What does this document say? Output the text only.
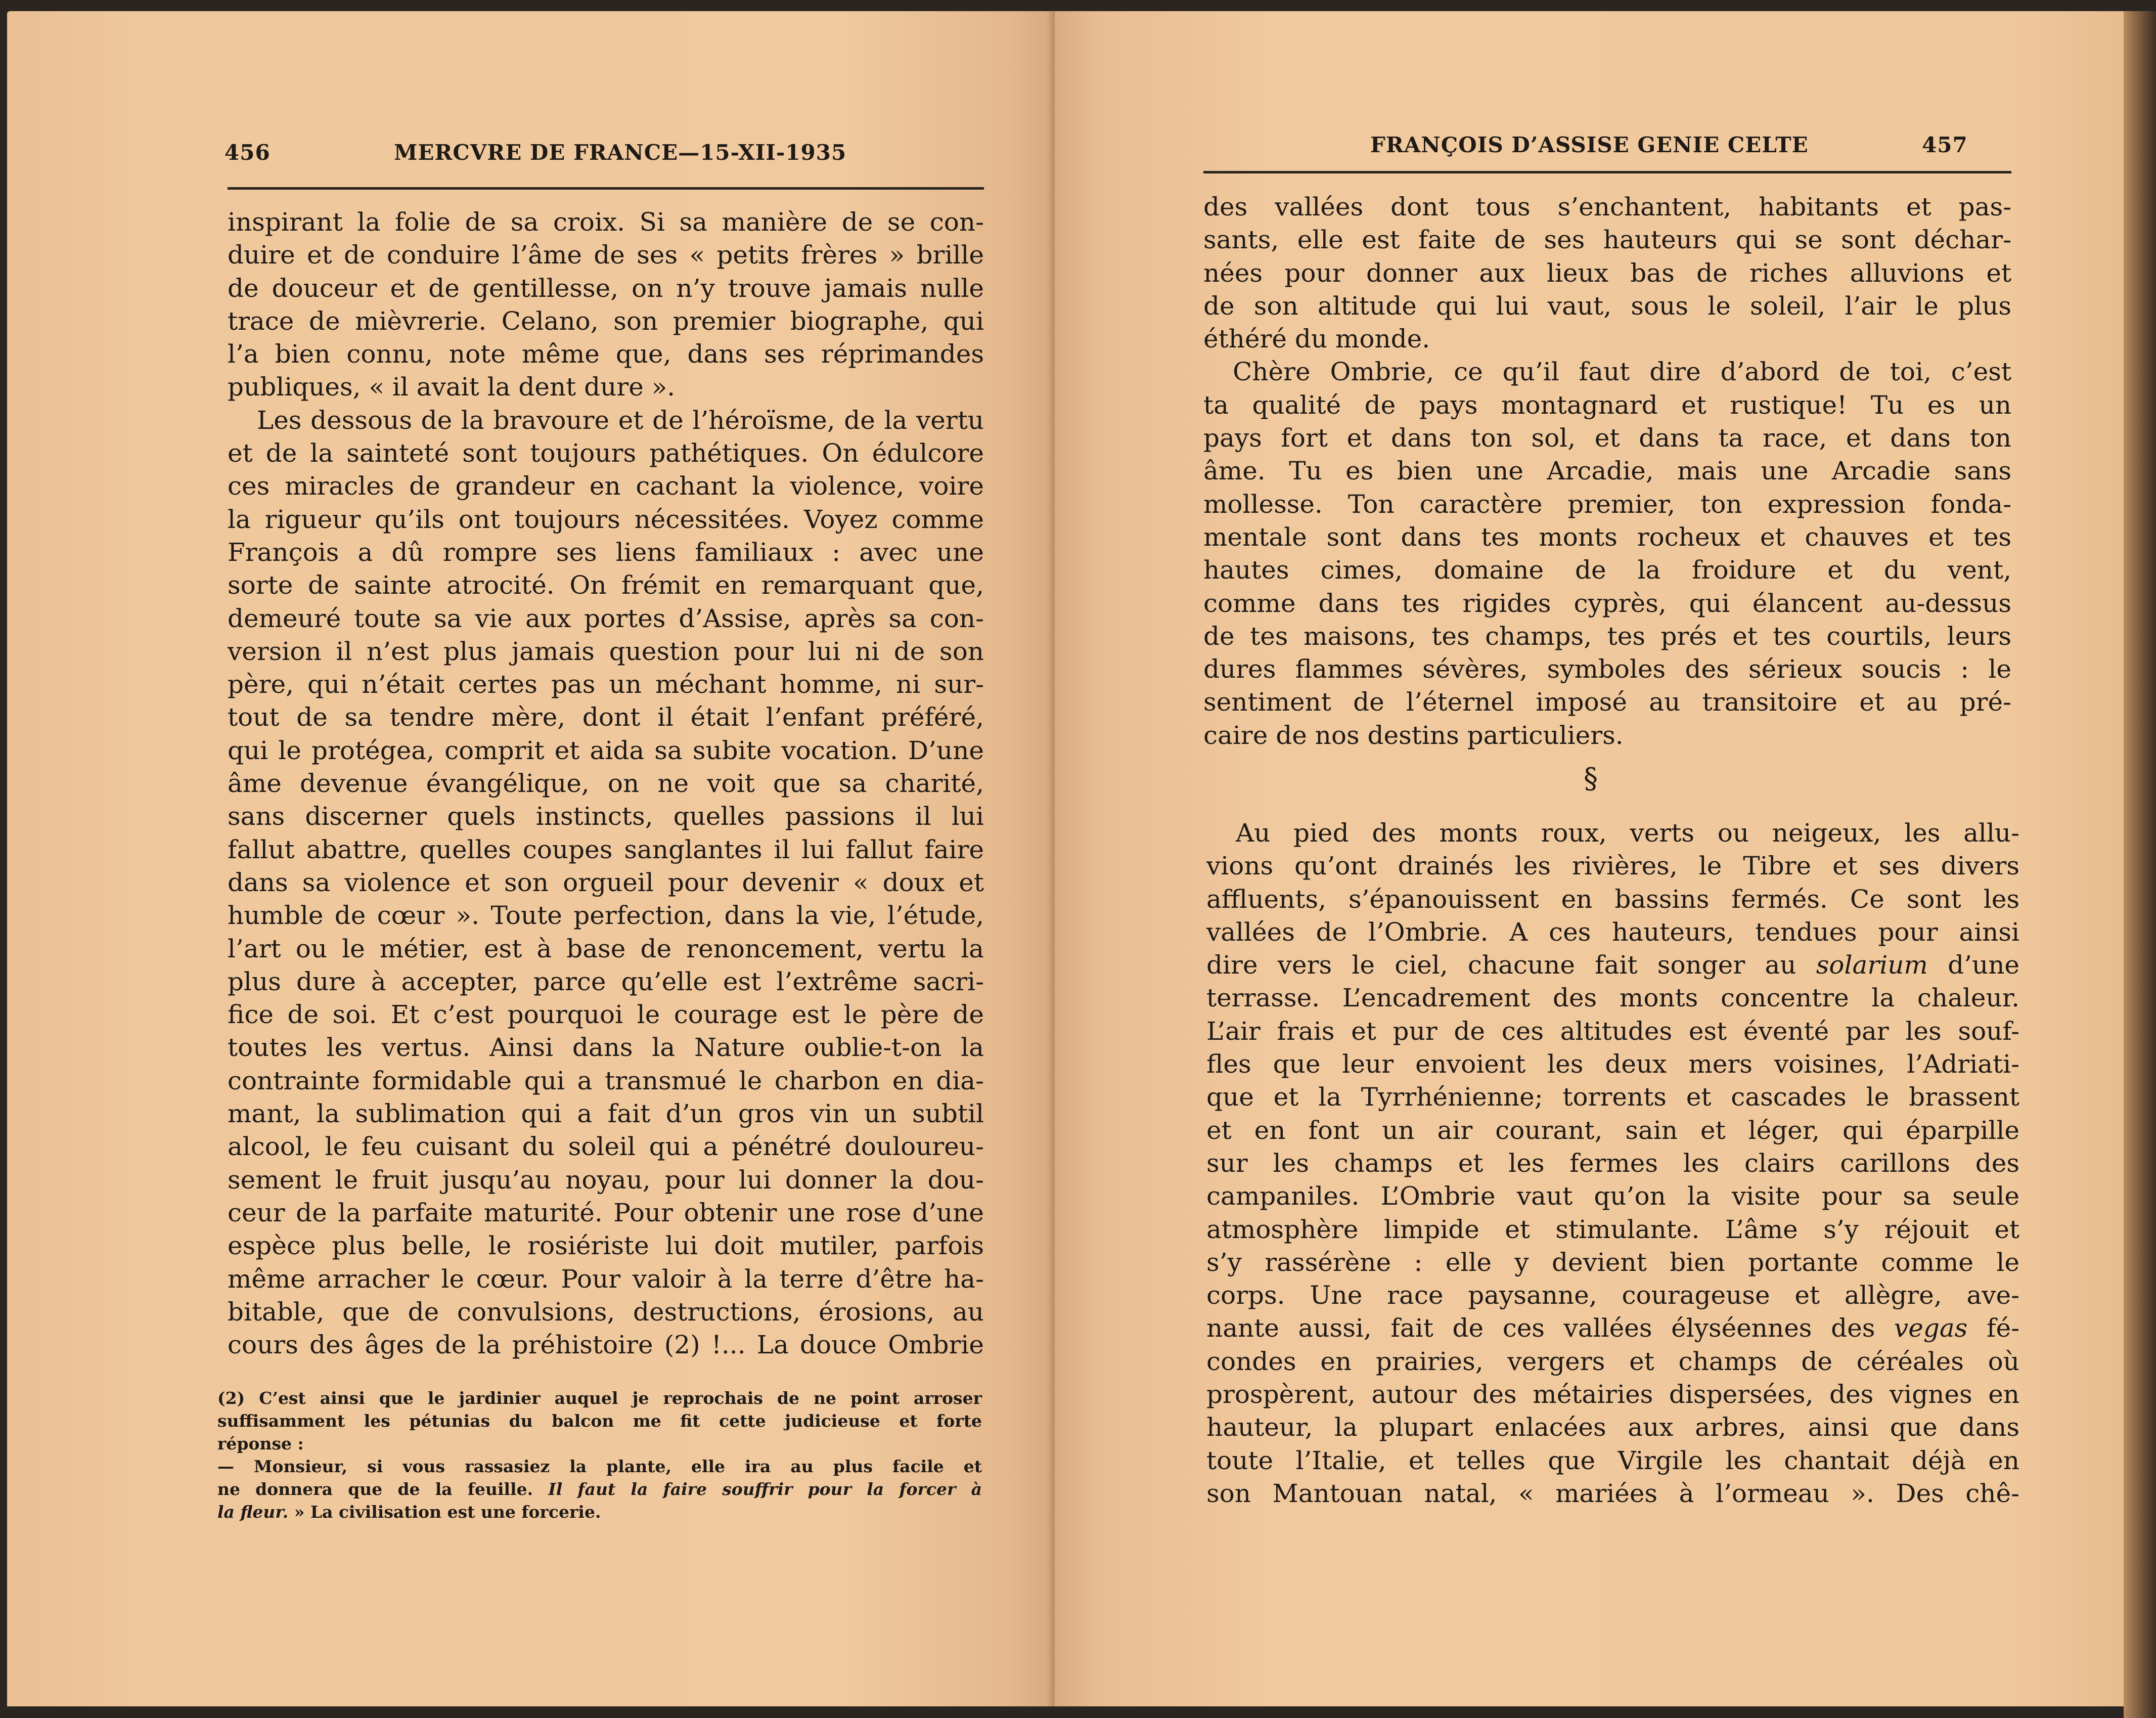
456	MERCVRE DE FRANCE—15-XII-1935
inspirant la folie de sa croix. Si sa manière de se con-
duire et de conduire l’âme de ses « petits frères » brille
de douceur et de gentillesse, on n’y trouve jamais nulle
trace de mièvrerie. Celano, son premier biographe, qui
l’a bien connu, note même que, dans ses réprimandes
publiques, « il avait la dent dure ».
Les dessous de la bravoure et de l’héroïsme, de la vertu
et de la sainteté sont toujours pathétiques. On édulcore
ces miracles de grandeur en cachant la violence, voire
la rigueur qu’ils ont toujours nécessitées. Voyez comme
François a dû rompre ses liens familiaux : avec une
sorte de sainte atrocité. On frémit en remarquant que,
demeuré toute sa vie aux portes d’Assise, après sa con-
version il n’est plus jamais question pour lui ni de son
père, qui n’était certes pas un méchant homme, ni sur-
tout de sa tendre mère, dont il était l’enfant préféré,
qui le protégea, comprit et aida sa subite vocation. D’une
âme devenue évangélique, on ne voit que sa charité,
sans discerner quels instincts, quelles passions il lui
fallut abattre, quelles coupes sanglantes il lui fallut faire
dans sa violence et son orgueil pour devenir « doux et
humble de cœur ». Toute perfection, dans la vie, l’étude,
l’art ou le métier, est à base de renoncement, vertu la
plus dure à accepter, parce qu’elle est l’extrême sacri-
fice de soi. Et c’est pourquoi le courage est le père de
toutes les vertus. Ainsi dans la Nature oublie-t-on la
contrainte formidable qui a transmué le charbon en dia-
mant, la sublimation qui a fait d’un gros vin un subtil
alcool, le feu cuisant du soleil qui a pénétré douloureu-
sement le fruit jusqu’au noyau, pour lui donner la dou-
ceur de la parfaite maturité. Pour obtenir une rose d’une
espèce plus belle, le rosiériste lui doit mutiler, parfois
même arracher le cœur. Pour valoir à la terre d’être ha-
bitable, que de convulsions, destructions, érosions, au
cours des âges de la préhistoire (2) !... La douce Ombrie
(2) C’est ainsi que le jardinier auquel je reprochais de ne point arroser
suffisamment les pétunias du balcon me fit cette judicieuse et forte
réponse :
— Monsieur, si vous rassasiez la plante, elle ira au plus facile et
ne donnera que de la feuille. Il faut la faire souffrir pour la forcer à
la fleur. » La civilisation est une forcerie.
FRANÇOIS D’ASSISE GENIE CELTE	457
des vallées dont tous s’enchantent, habitants et pas-
sants, elle est faite de ses hauteurs qui se sont déchar-
nées pour donner aux lieux bas de riches alluvions et
de son altitude qui lui vaut, sous le soleil, l’air le plus
éthéré du monde.
Chère Ombrie, ce qu’il faut dire d’abord de toi, c’est
ta qualité de pays montagnard et rustique! Tu es un
pays fort et dans ton sol, et dans ta race, et dans ton
âme. Tu es bien une Arcadie, mais une Arcadie sans
mollesse. Ton caractère premier, ton expression fonda-
mentale sont dans tes monts rocheux et chauves et tes
hautes cimes, domaine de la froidure et du vent,
comme dans tes rigides cyprès, qui élancent au-dessus
de tes maisons, tes champs, tes prés et tes courtils, leurs
dures flammes sévères, symboles des sérieux soucis : le
sentiment de l’éternel imposé au transitoire et au pré-
caire de nos destins particuliers.
§
Au pied des monts roux, verts ou neigeux, les allu-
vions qu’ont drainés les rivières, le Tibre et ses divers
affluents, s’épanouissent en bassins fermés. Ce sont les
vallées de l’Ombrie. A ces hauteurs, tendues pour ainsi
dire vers le ciel, chacune fait songer au solarium d’une
terrasse. L’encadrement des monts concentre la chaleur.
L’air frais et pur de ces altitudes est éventé par les souf-
fles que leur envoient les deux mers voisines, l’Adriati-
que et la Tyrrhénienne; torrents et cascades le brassent
et en font un air courant, sain et léger, qui éparpille
sur les champs et les fermes les clairs carillons des
campaniles. L’Ombrie vaut qu’on la visite pour sa seule
atmosphère limpide et stimulante. L’âme s’y réjouit et
s’y rassérène : elle y devient bien portante comme le
corps. Une race paysanne, courageuse et allègre, ave-
nante aussi, fait de ces vallées élyséennes des vegas fé-
condes en prairies, vergers et champs de céréales où
prospèrent, autour des métairies dispersées, des vignes en
hauteur, la plupart enlacées aux arbres, ainsi que dans
toute l’Italie, et telles que Virgile les chantait déjà en
son Mantouan natal, « mariées à l’ormeau ». Des chê-
